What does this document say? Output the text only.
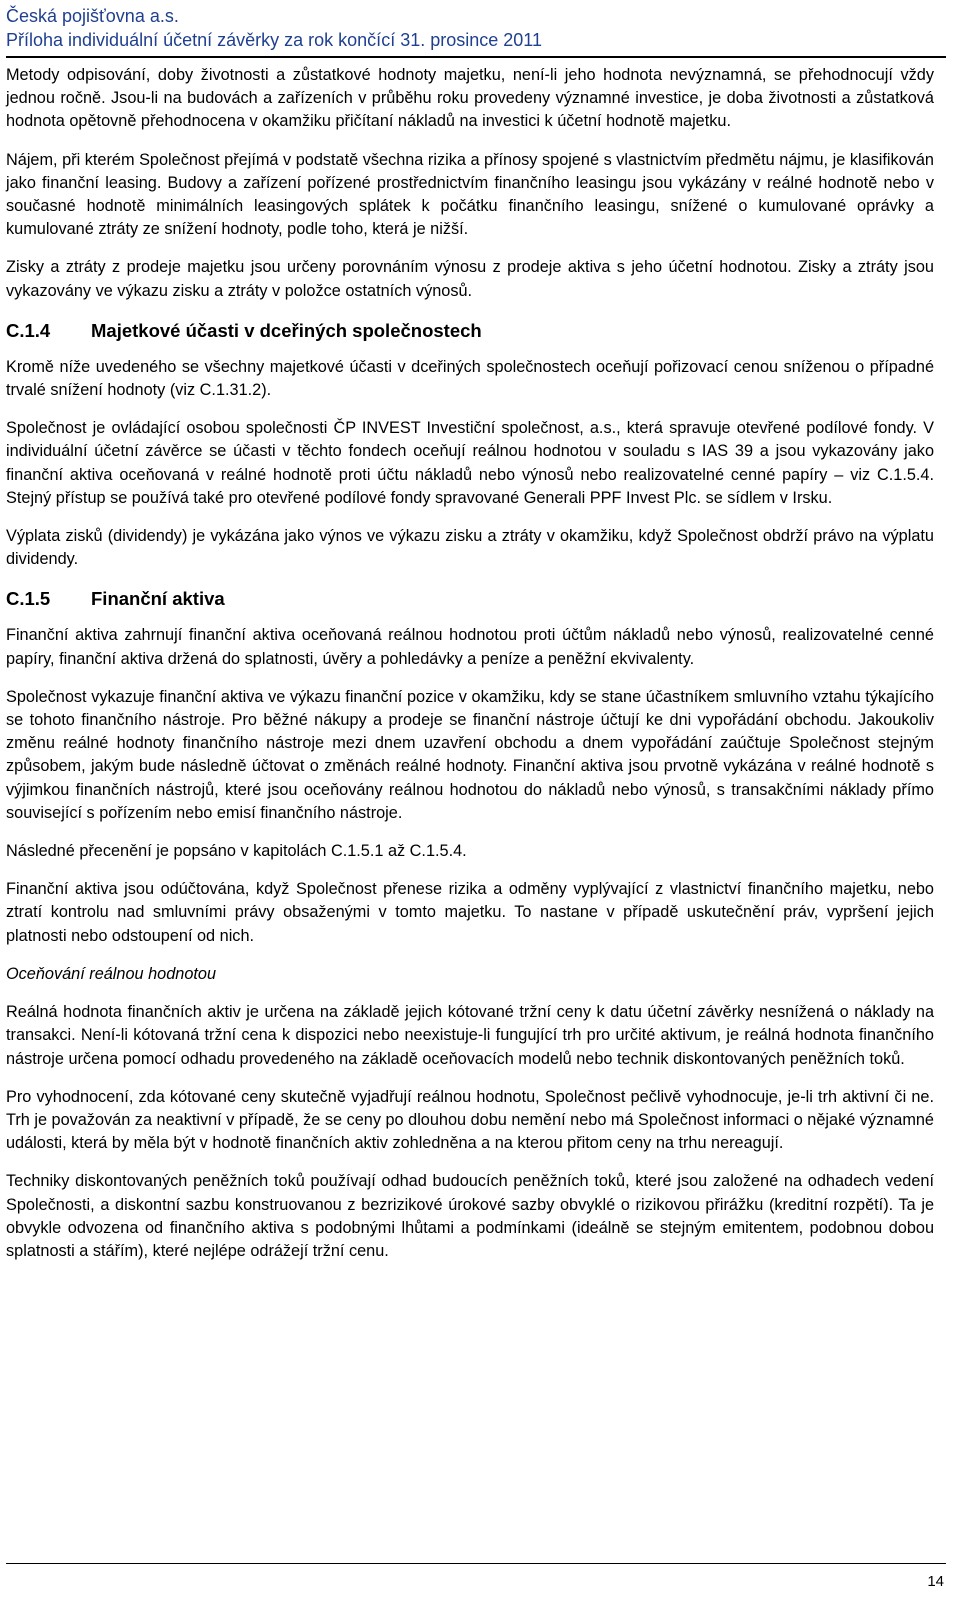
Česká pojišťovna a.s.
Příloha individuální účetní závěrky za rok končící 31. prosince 2011

Metody odpisování, doby životnosti a zůstatkové hodnoty majetku, není-li jeho hodnota nevýznamná, se přehodnocují vždy jednou ročně. Jsou-li na budovách a zařízeních v průběhu roku provedeny významné investice, je doba životnosti a zůstatková hodnota opětovně přehodnocena v okamžiku přičítaní nákladů na investici k účetní hodnotě majetku.

Nájem, při kterém Společnost přejímá v podstatě všechna rizika a přínosy spojené s vlastnictvím předmětu nájmu, je klasifikován jako finanční leasing. Budovy a zařízení pořízené prostřednictvím finančního leasingu jsou vykázány v reálné hodnotě nebo v současné hodnotě minimálních leasingových splátek k počátku finančního leasingu, snížené o kumulované oprávky a kumulované ztráty ze snížení hodnoty, podle toho, která je nižší.

Zisky a ztráty z prodeje majetku jsou určeny porovnáním výnosu z prodeje aktiva s jeho účetní hodnotou. Zisky a ztráty jsou vykazovány ve výkazu zisku a ztráty v položce ostatních výnosů.

C.1.4	Majetkové účasti v dceřiných společnostech

Kromě níže uvedeného se všechny majetkové účasti v dceřiných společnostech oceňují pořizovací cenou sníženou o případné trvalé snížení hodnoty (viz C.1.31.2).

Společnost je ovládající osobou společnosti ČP INVEST Investiční společnost, a.s., která spravuje otevřené podílové fondy. V individuální účetní závěrce se účasti v těchto fondech oceňují reálnou hodnotou v souladu s IAS 39 a jsou vykazovány jako finanční aktiva oceňovaná v reálné hodnotě proti účtu nákladů nebo výnosů nebo realizovatelné cenné papíry – viz C.1.5.4. Stejný přístup se používá také pro otevřené podílové fondy spravované Generali PPF Invest Plc. se sídlem v Irsku.

Výplata zisků (dividendy) je vykázána jako výnos ve výkazu zisku a ztráty v okamžiku, když Společnost obdrží právo na výplatu dividendy.

C.1.5	Finanční aktiva

Finanční aktiva zahrnují finanční aktiva oceňovaná reálnou hodnotou proti účtům nákladů nebo výnosů, realizovatelné cenné papíry, finanční aktiva držená do splatnosti, úvěry a pohledávky a peníze a peněžní ekvivalenty.

Společnost vykazuje finanční aktiva ve výkazu finanční pozice v okamžiku, kdy se stane účastníkem smluvního vztahu týkajícího se tohoto finančního nástroje. Pro běžné nákupy a prodeje se finanční nástroje účtují ke dni vypořádání obchodu. Jakoukoliv změnu reálné hodnoty finančního nástroje mezi dnem uzavření obchodu a dnem vypořádání zaúčtuje Společnost stejným způsobem, jakým bude následně účtovat o změnách reálné hodnoty. Finanční aktiva jsou prvotně vykázána v reálné hodnotě s výjimkou finančních nástrojů, které jsou oceňovány reálnou hodnotou do nákladů nebo výnosů, s transakčními náklady přímo související s pořízením nebo emisí finančního nástroje.

Následné přecenění je popsáno v kapitolách C.1.5.1 až C.1.5.4.

Finanční aktiva jsou odúčtována, když Společnost přenese rizika a odměny vyplývající z vlastnictví finančního majetku, nebo ztratí kontrolu nad smluvními právy obsaženými v tomto majetku. To nastane v případě uskutečnění práv, vypršení jejich platnosti nebo odstoupení od nich.

Oceňování reálnou hodnotou

Reálná hodnota finančních aktiv je určena na základě jejich kótované tržní ceny k datu účetní závěrky nesnížená o náklady na transakci. Není-li kótovaná tržní cena k dispozici nebo neexistuje-li fungující trh pro určité aktivum, je reálná hodnota finančního nástroje určena pomocí odhadu provedeného na základě oceňovacích modelů nebo technik diskontovaných peněžních toků.

Pro vyhodnocení, zda kótované ceny skutečně vyjadřují reálnou hodnotu, Společnost pečlivě vyhodnocuje, je-li trh aktivní či ne. Trh je považován za neaktivní v případě, že se ceny po dlouhou dobu nemění nebo má Společnost informaci o nějaké významné události, která by měla být v hodnotě finančních aktiv zohledněna a na kterou přitom ceny na trhu nereagují.

Techniky diskontovaných peněžních toků používají odhad budoucích peněžních toků, které jsou založené na odhadech vedení Společnosti, a diskontní sazbu konstruovanou z bezrizikové úrokové sazby obvyklé o rizikovou přirážku (kreditní rozpětí). Ta je obvykle odvozena od finančního aktiva s podobnými lhůtami a podmínkami (ideálně se stejným emitentem, podobnou dobou splatnosti a stářím), které nejlépe odrážejí tržní cenu.

14
